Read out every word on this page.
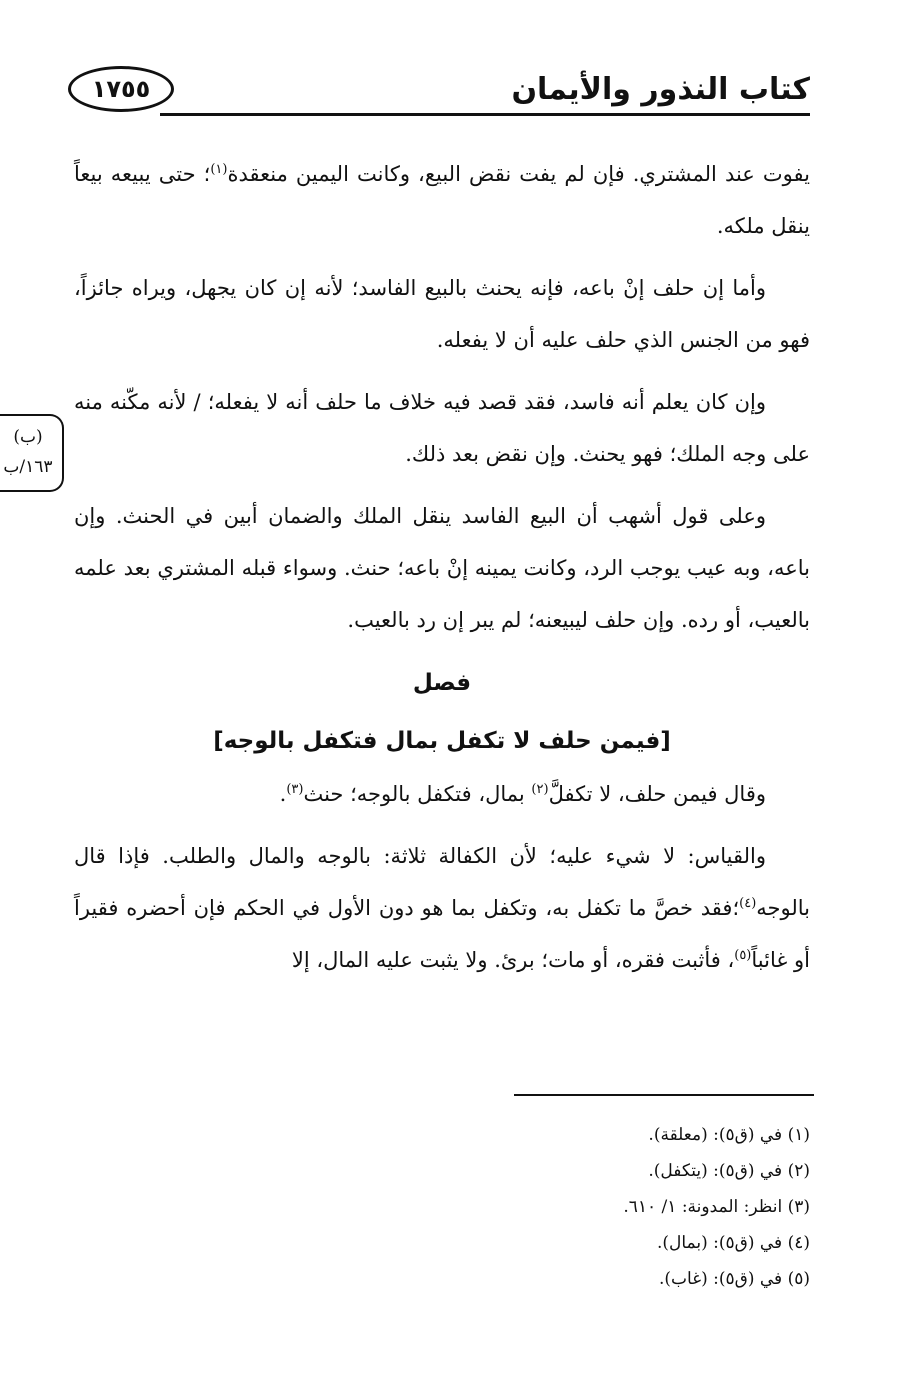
١٧٥٥	كتاب النذور والأيمان
(ب)
١٦٣/ب

يفوت عند المشتري. فإن لم يفت نقض البيع، وكانت اليمين منعقدة$^{(١)}$؛ حتى يبيعه بيعاً ينقل ملكه.

وأما إن حلف إنْ باعه، فإنه يحنث بالبيع الفاسد؛ لأنه إن كان يجهل، ويراه جائزاً، فهو من الجنس الذي حلف عليه أن لا يفعله.

وإن كان يعلم أنه فاسد، فقد قصد فيه خلاف ما حلف أنه لا يفعله؛ / لأنه مكّنه منه على وجه الملك؛ فهو يحنث. وإن نقض بعد ذلك.

وعلى قول أشهب أن البيع الفاسد ينقل الملك والضمان أبين في الحنث. وإن باعه، وبه عيب يوجب الرد، وكانت يمينه إنْ باعه؛ حنث. وسواء قبله المشتري بعد علمه بالعيب، أو رده. وإن حلف ليبيعنه؛ لم يبر إن رد بالعيب.

فصل

[فيمن حلف لا تكفل بمال فتكفل بالوجه]

وقال فيمن حلف، لا تكفلَّ$^{(٢)}$ بمال، فتكفل بالوجه؛ حنث$^{(٣)}$.

والقياس: لا شيء عليه؛ لأن الكفالة ثلاثة: بالوجه والمال والطلب. فإذا قال بالوجه$^{(٤)}$؛فقد خصَّ ما تكفل به، وتكفل بما هو دون الأول في الحكم فإن أحضره فقيراً أو غائباً$^{(٥)}$، فأثبت فقره، أو مات؛ برئ. ولا يثبت عليه المال، إلا

(١) في (ق٥): (معلقة).
(٢) في (ق٥): (يتكفل).
(٣) انظر: المدونة: ١/ ٦١٠.
(٤) في (ق٥): (بمال).
(٥) في (ق٥): (غاب).
